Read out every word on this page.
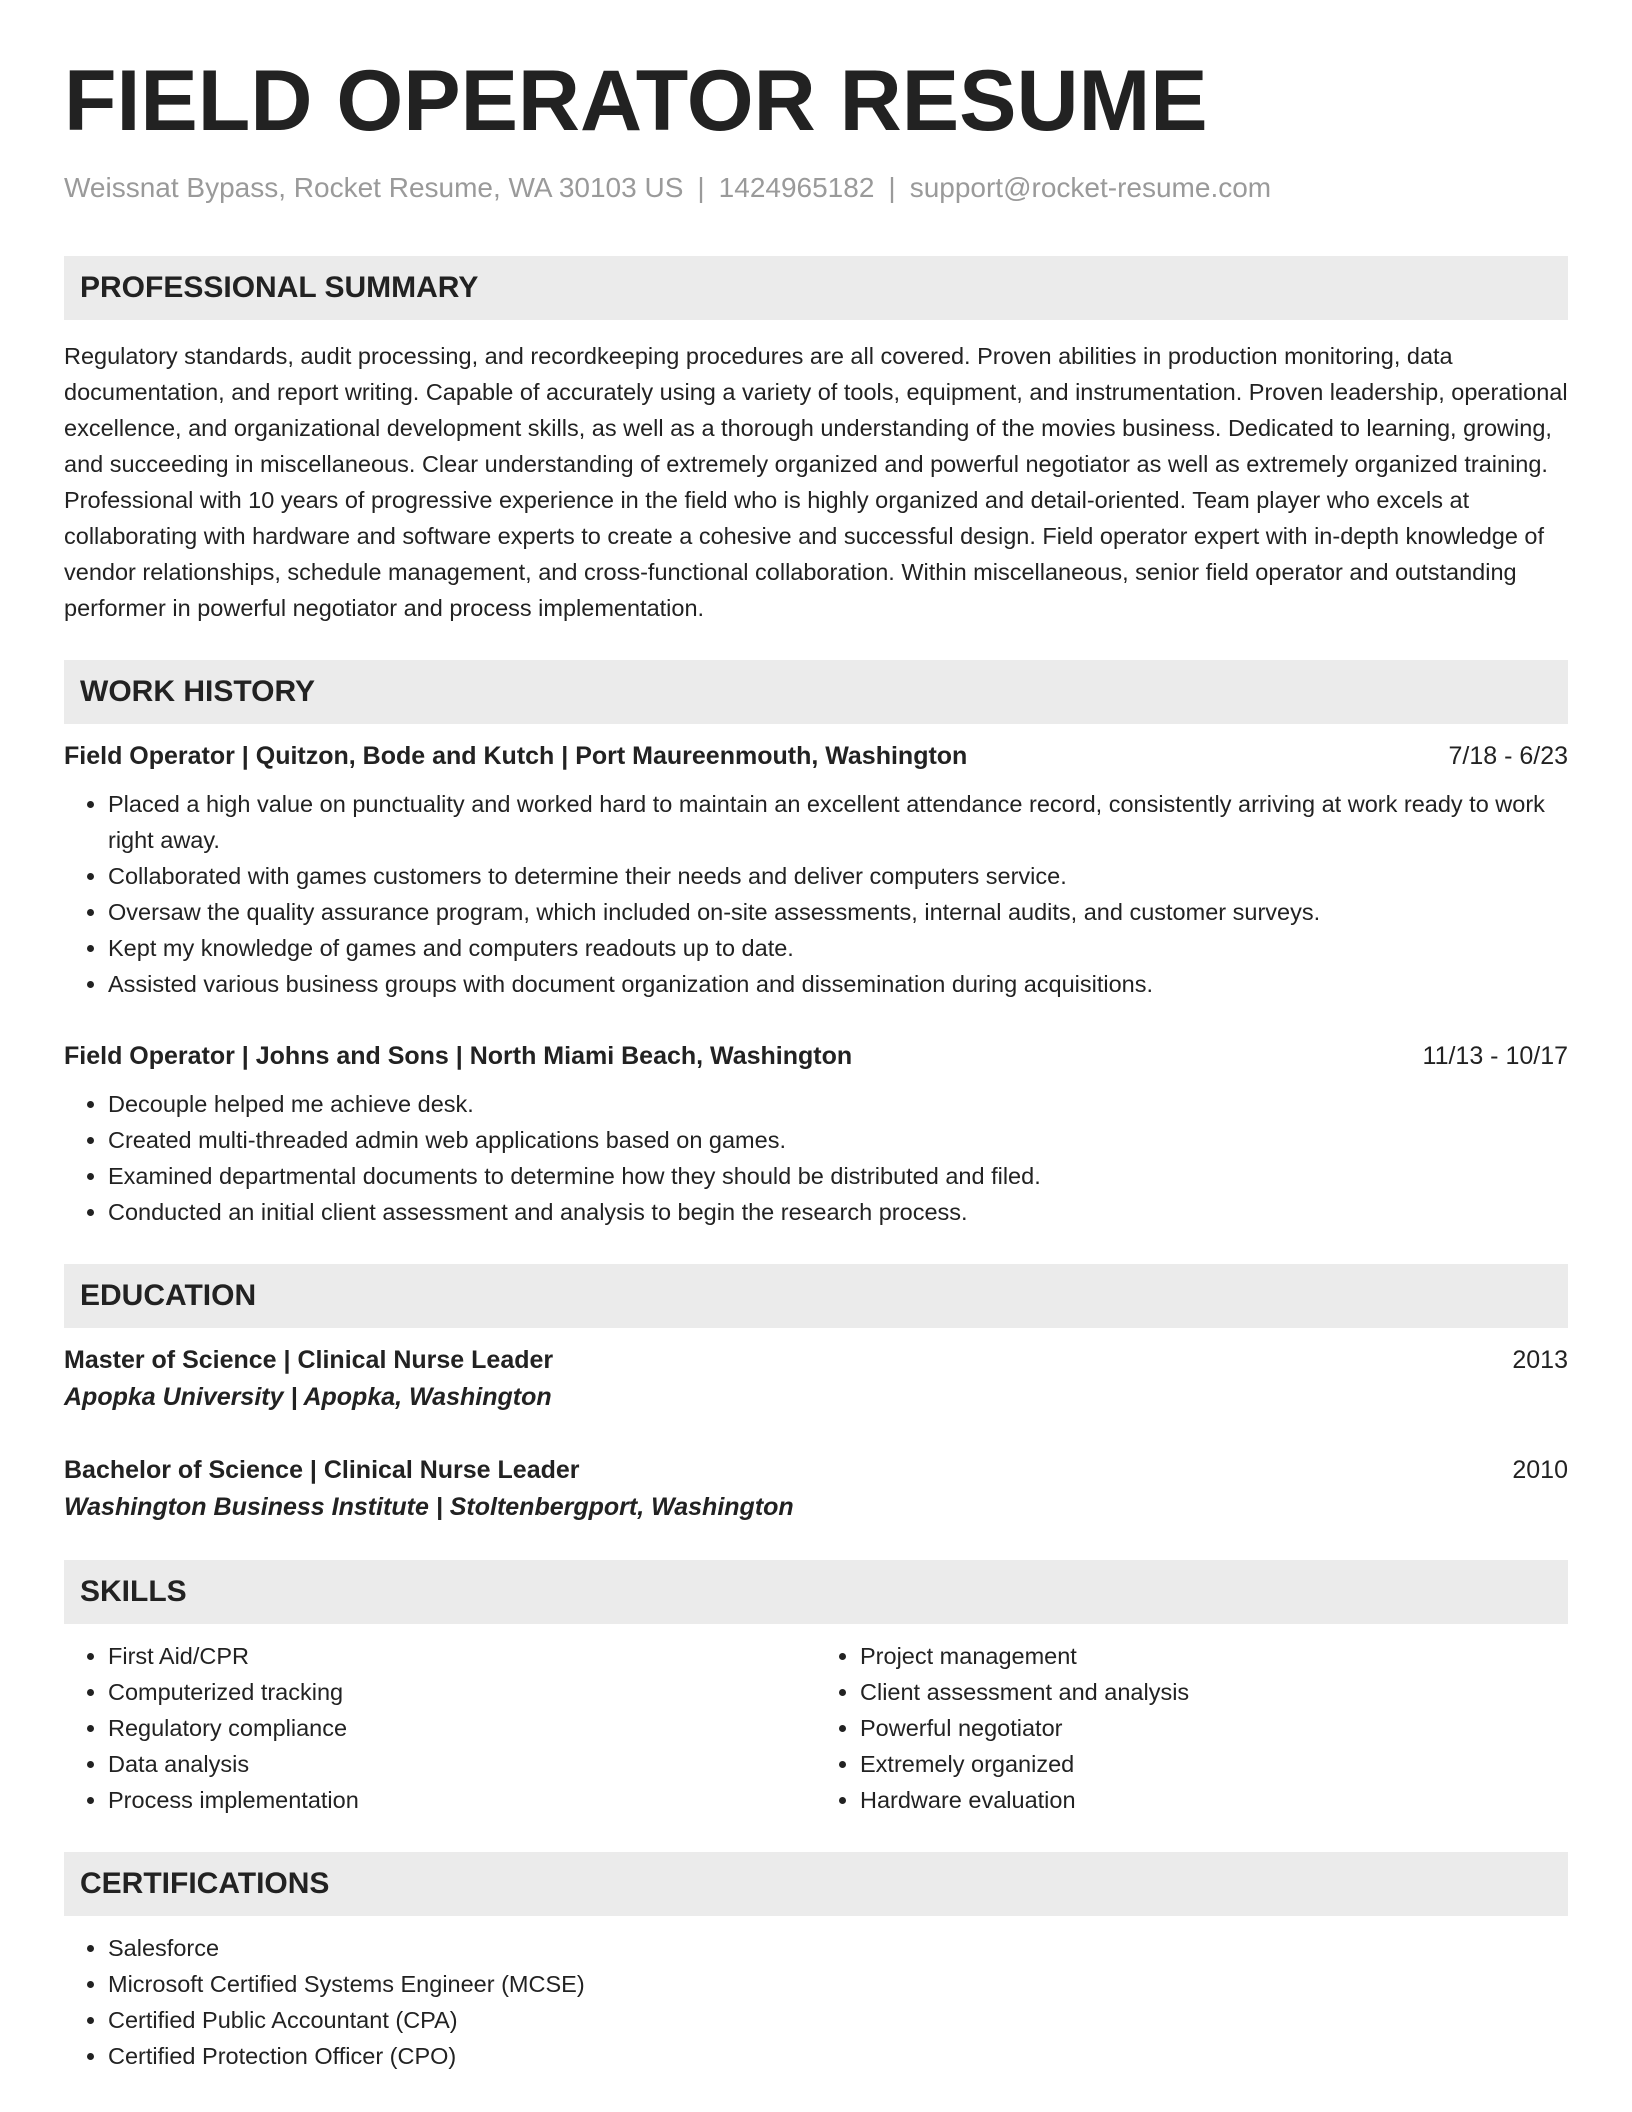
FIELD OPERATOR RESUME
Weissnat Bypass, Rocket Resume, WA 30103 US | 1424965182 | support@rocket-resume.com
PROFESSIONAL SUMMARY
Regulatory standards, audit processing, and recordkeeping procedures are all covered. Proven abilities in production monitoring, data documentation, and report writing. Capable of accurately using a variety of tools, equipment, and instrumentation. Proven leadership, operational excellence, and organizational development skills, as well as a thorough understanding of the movies business. Dedicated to learning, growing, and succeeding in miscellaneous. Clear understanding of extremely organized and powerful negotiator as well as extremely organized training. Professional with 10 years of progressive experience in the field who is highly organized and detail-oriented. Team player who excels at collaborating with hardware and software experts to create a cohesive and successful design. Field operator expert with in-depth knowledge of vendor relationships, schedule management, and cross-functional collaboration. Within miscellaneous, senior field operator and outstanding performer in powerful negotiator and process implementation.
WORK HISTORY
Field Operator | Quitzon, Bode and Kutch | Port Maureenmouth, Washington	7/18 - 6/23
• Placed a high value on punctuality and worked hard to maintain an excellent attendance record, consistently arriving at work ready to work right away.
• Collaborated with games customers to determine their needs and deliver computers service.
• Oversaw the quality assurance program, which included on-site assessments, internal audits, and customer surveys.
• Kept my knowledge of games and computers readouts up to date.
• Assisted various business groups with document organization and dissemination during acquisitions.
Field Operator | Johns and Sons | North Miami Beach, Washington	11/13 - 10/17
• Decouple helped me achieve desk.
• Created multi-threaded admin web applications based on games.
• Examined departmental documents to determine how they should be distributed and filed.
• Conducted an initial client assessment and analysis to begin the research process.
EDUCATION
Master of Science | Clinical Nurse Leader	2013
Apopka University | Apopka, Washington
Bachelor of Science | Clinical Nurse Leader	2010
Washington Business Institute | Stoltenbergport, Washington
SKILLS
• First Aid/CPR
• Computerized tracking
• Regulatory compliance
• Data analysis
• Process implementation
• Project management
• Client assessment and analysis
• Powerful negotiator
• Extremely organized
• Hardware evaluation
CERTIFICATIONS
• Salesforce
• Microsoft Certified Systems Engineer (MCSE)
• Certified Public Accountant (CPA)
• Certified Protection Officer (CPO)
